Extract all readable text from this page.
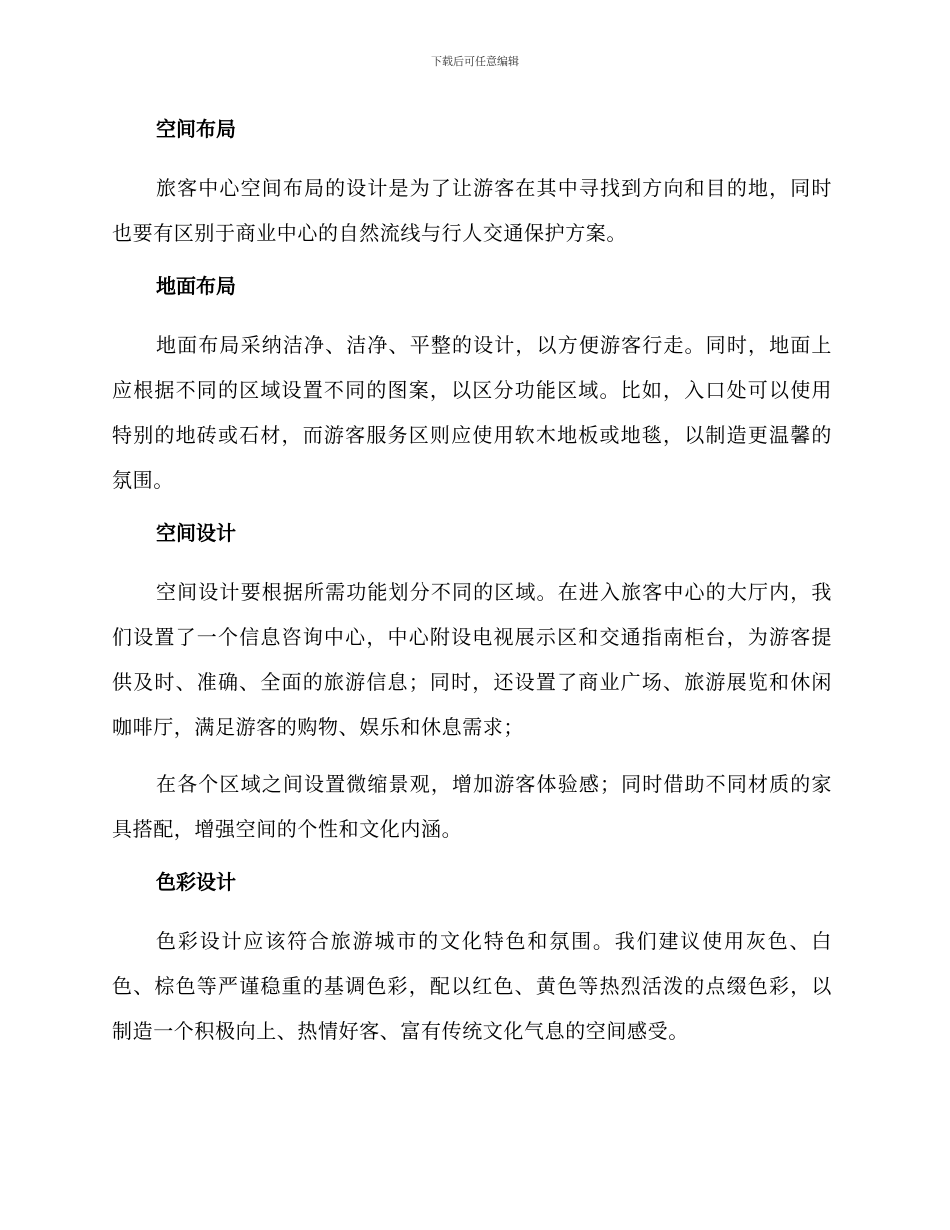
下载后可任意编辑
空间布局

旅客中心空间布局的设计是为了让游客在其中寻找到方向和目的地，同时也要有区别于商业中心的自然流线与行人交通保护方案。

地面布局

地面布局采纳洁净、洁净、平整的设计，以方便游客行走。同时，地面上应根据不同的区域设置不同的图案，以区分功能区域。比如，入口处可以使用特别的地砖或石材，而游客服务区则应使用软木地板或地毯，以制造更温馨的氛围。

空间设计

空间设计要根据所需功能划分不同的区域。在进入旅客中心的大厅内，我们设置了一个信息咨询中心，中心附设电视展示区和交通指南柜台，为游客提供及时、准确、全面的旅游信息；同时，还设置了商业广场、旅游展览和休闲咖啡厅，满足游客的购物、娱乐和休息需求；

在各个区域之间设置微缩景观，增加游客体验感；同时借助不同材质的家具搭配，增强空间的个性和文化内涵。

色彩设计

色彩设计应该符合旅游城市的文化特色和氛围。我们建议使用灰色、白色、棕色等严谨稳重的基调色彩，配以红色、黄色等热烈活泼的点缀色彩，以制造一个积极向上、热情好客、富有传统文化气息的空间感受。
